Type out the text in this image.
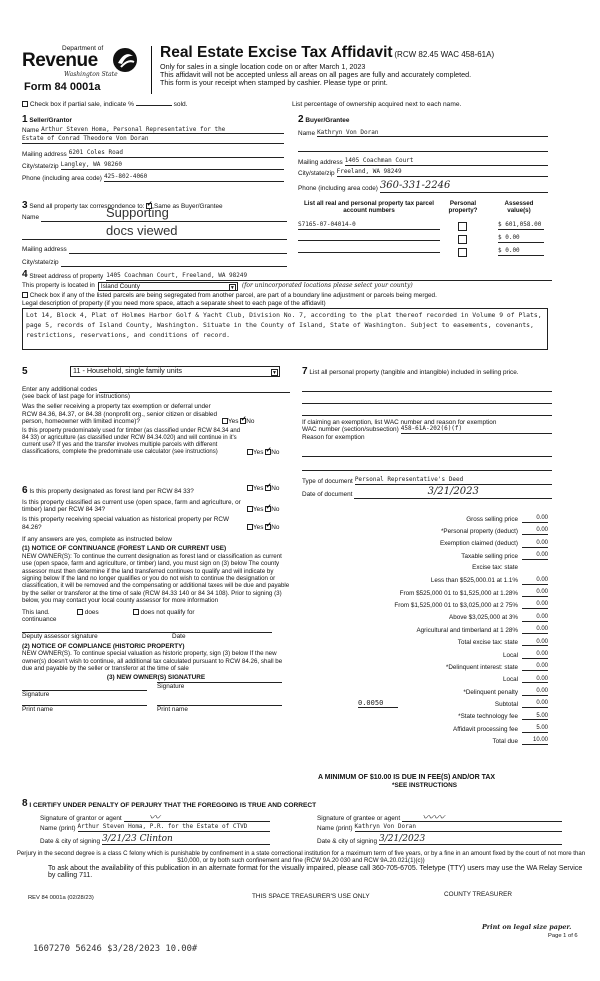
Department of
Revenue
Washington State
Form 84 0001a
Real Estate Excise Tax Affidavit (RCW 82.45 WAC 458-61A)
Only for sales in a single location code on or after March 1, 2023
This affidavit will not be accepted unless all areas on all pages are fully and accurately completed.
This form is your receipt when stamped by cashier. Please type or print.
Check box if partial sale, indicate %	sold.	List percentage of ownership acquired next to each name.
1 Seller/Grantor
Name Arthur Steven Homa, Personal Representative for the
Estate of Conrad Theodore Von Doran
Mailing address 6201 Coles Road
City/state/zip Langley, WA 98260
Phone (including area code) 425-802-4060
2 Buyer/Grantee
Name Kathryn Von Doran
Mailing address 1405 Coachman Court
City/state/zip Freeland, WA 98249
Phone (including area code) 360-331-2246
3 Send all property tax correspondence to: ✓ Same as Buyer/Grantee
Name
Mailing address
City/state/zip
Supporting
docs viewed
List all real and personal property tax parcel account numbers
Personal property?
Assessed value(s)
S7165-07-04014-0	$ 601,058.00
$ 0.00
$ 0.00
4
Street address of property 1405 Coachman Court, Freeland, WA 98249
This property is located in Island County	▼ (for unincorporated locations please select your county)
Check box if any of the listed parcels are being segregated from another parcel, are part of a boundary line adjustment or parcels being merged.
Legal description of property (if you need more space, attach a separate sheet to each page of the affidavit)
Lot 14, Block 4, Plat of Holmes Harbor Golf & Yacht Club, Division No. 7, according to the plat thereof recorded in Volume 9 of Plats, page 5, records of Island County, Washington. Situate in the County of Island, State of Washington. Subject to easements, covenants, restrictions, reservations, and conditions of record.
5	11 - Household, single family units	▼
Enter any additional codes
(see back of last page for instructions)
Was the seller receiving a property tax exemption or deferral under RCW 84.36, 84.37, or 84.38 (nonprofit org., senior citizen or disabled person, homeowner with limited income)?	Yes ✓ No
Is this property predominately used for timber (as classified under RCW 84.34 and 84 33) or agriculture (as classified under RCW 84.34.020) and will continue in it's current use? If yes and the transfer involves multiple parcels with different classifications, complete the predominate use calculator (see instructions)	Yes ✓ No
6 Is this property designated as forest land per RCW 84 33?	Yes ✓ No
Is this property classified as current use (open space, farm and agriculture, or timber) land per RCW 84 34?	Yes ✓ No
Is this property receiving special valuation as historical property per RCW 84.26?	Yes ✓ No
If any answers are yes, complete as instructed below
(1) NOTICE OF CONTINUANCE (FOREST LAND OR CURRENT USE)
NEW OWNER(S): To continue the current designation as forest land or classification as current use (open space, farm and agriculture, or timber) land, you must sign on (3) below The county assessor must then determine if the land transferred continues to qualify and will indicate by signing below If the land no longer qualifies or you do not wish to continue the designation or classification, it will be removed and the compensating or additional taxes will be due and payable by the seller or transferor at the time of sale (RCW 84.33 140 or 84 34 108). Prior to signing (3) below, you may contact your local county assessor for more information
This land.
	does
	does not qualify for
continuance
Deputy assessor signature	Date
(2) NOTICE OF COMPLIANCE (HISTORIC PROPERTY)
NEW OWNER(S). To continue special valuation as historic property, sign (3) below If the new owner(s) doesn't wish to continue, all additional tax calculated pursuant to RCW 84.26, shall be due and payable by the seller or transferor at the time of sale
(3) NEW OWNER(S) SIGNATURE
Signature
Signature
Print name	Print name
7 List all personal property (tangible and intangible) included in selling price.
If claiming an exemption, list WAC number and reason for exemption
WAC number (section/subsection) 458-61A-202(6)(f)
Reason for exemption
Type of document Personal Representative's Deed
Date of document	3/21/2023
Gross selling price	0.00
*Personal property (deduct)	0.00
Exemption claimed (deduct)	0.00
Taxable selling price	0.00
Excise tax: state
Less than $525,000.01 at 1.1%	0.00
From $525,000 01 to $1,525,000 at 1.28%	0.00
From $1,525,000 01 to $3,025,000 at 2 75%	0.00
Above $3,025,000 at 3%	0.00
Agricultural and timberland at 1 28%	0.00
Total excise tax: state	0.00
Local	0.00
*Delinquent interest: state	0.00
Local	0.00
*Delinquent penalty	0.00
Subtotal	0.00
*State technology fee	5.00
Affidavit processing fee	5.00
Total due	10.00
0.0050
A MINIMUM OF $10.00 IS DUE IN FEE(S) AND/OR TAX
*SEE INSTRUCTIONS
8
I CERTIFY UNDER PENALTY OF PERJURY THAT THE FOREGOING IS TRUE AND CORRECT
Signature of grantor or agent	〰
Name (print) Arthur Steven Homa, P.R. for the Estate of CTVD
Date & city of signing 3/21/23 Clinton
Signature of grantee or agent	〰〰
Name (print) Kathryn Von Doran
Date & city of signing 3/21/2023
Perjury in the second degree is a class C felony which is punishable by confinement in a state correctional institution for a maximum term of five years, or by a fine in an amount fixed by the court of not more than $10,000, or by both such confinement and fine (RCW 9A.20 030 and RCW 9A.20.021(1)(c))
To ask about the availability of this publication in an alternate format for the visually impaired, please call 360-705-6705. Teletype (TTY) users may use the WA Relay Service by calling 711.
REV 84 0001a (02/28/23)	THIS SPACE TREASURER'S USE ONLY	COUNTY TREASURER
Print on legal size paper.
Page 1 of 6
1607270 56246 $3/28/2023 10.00#
